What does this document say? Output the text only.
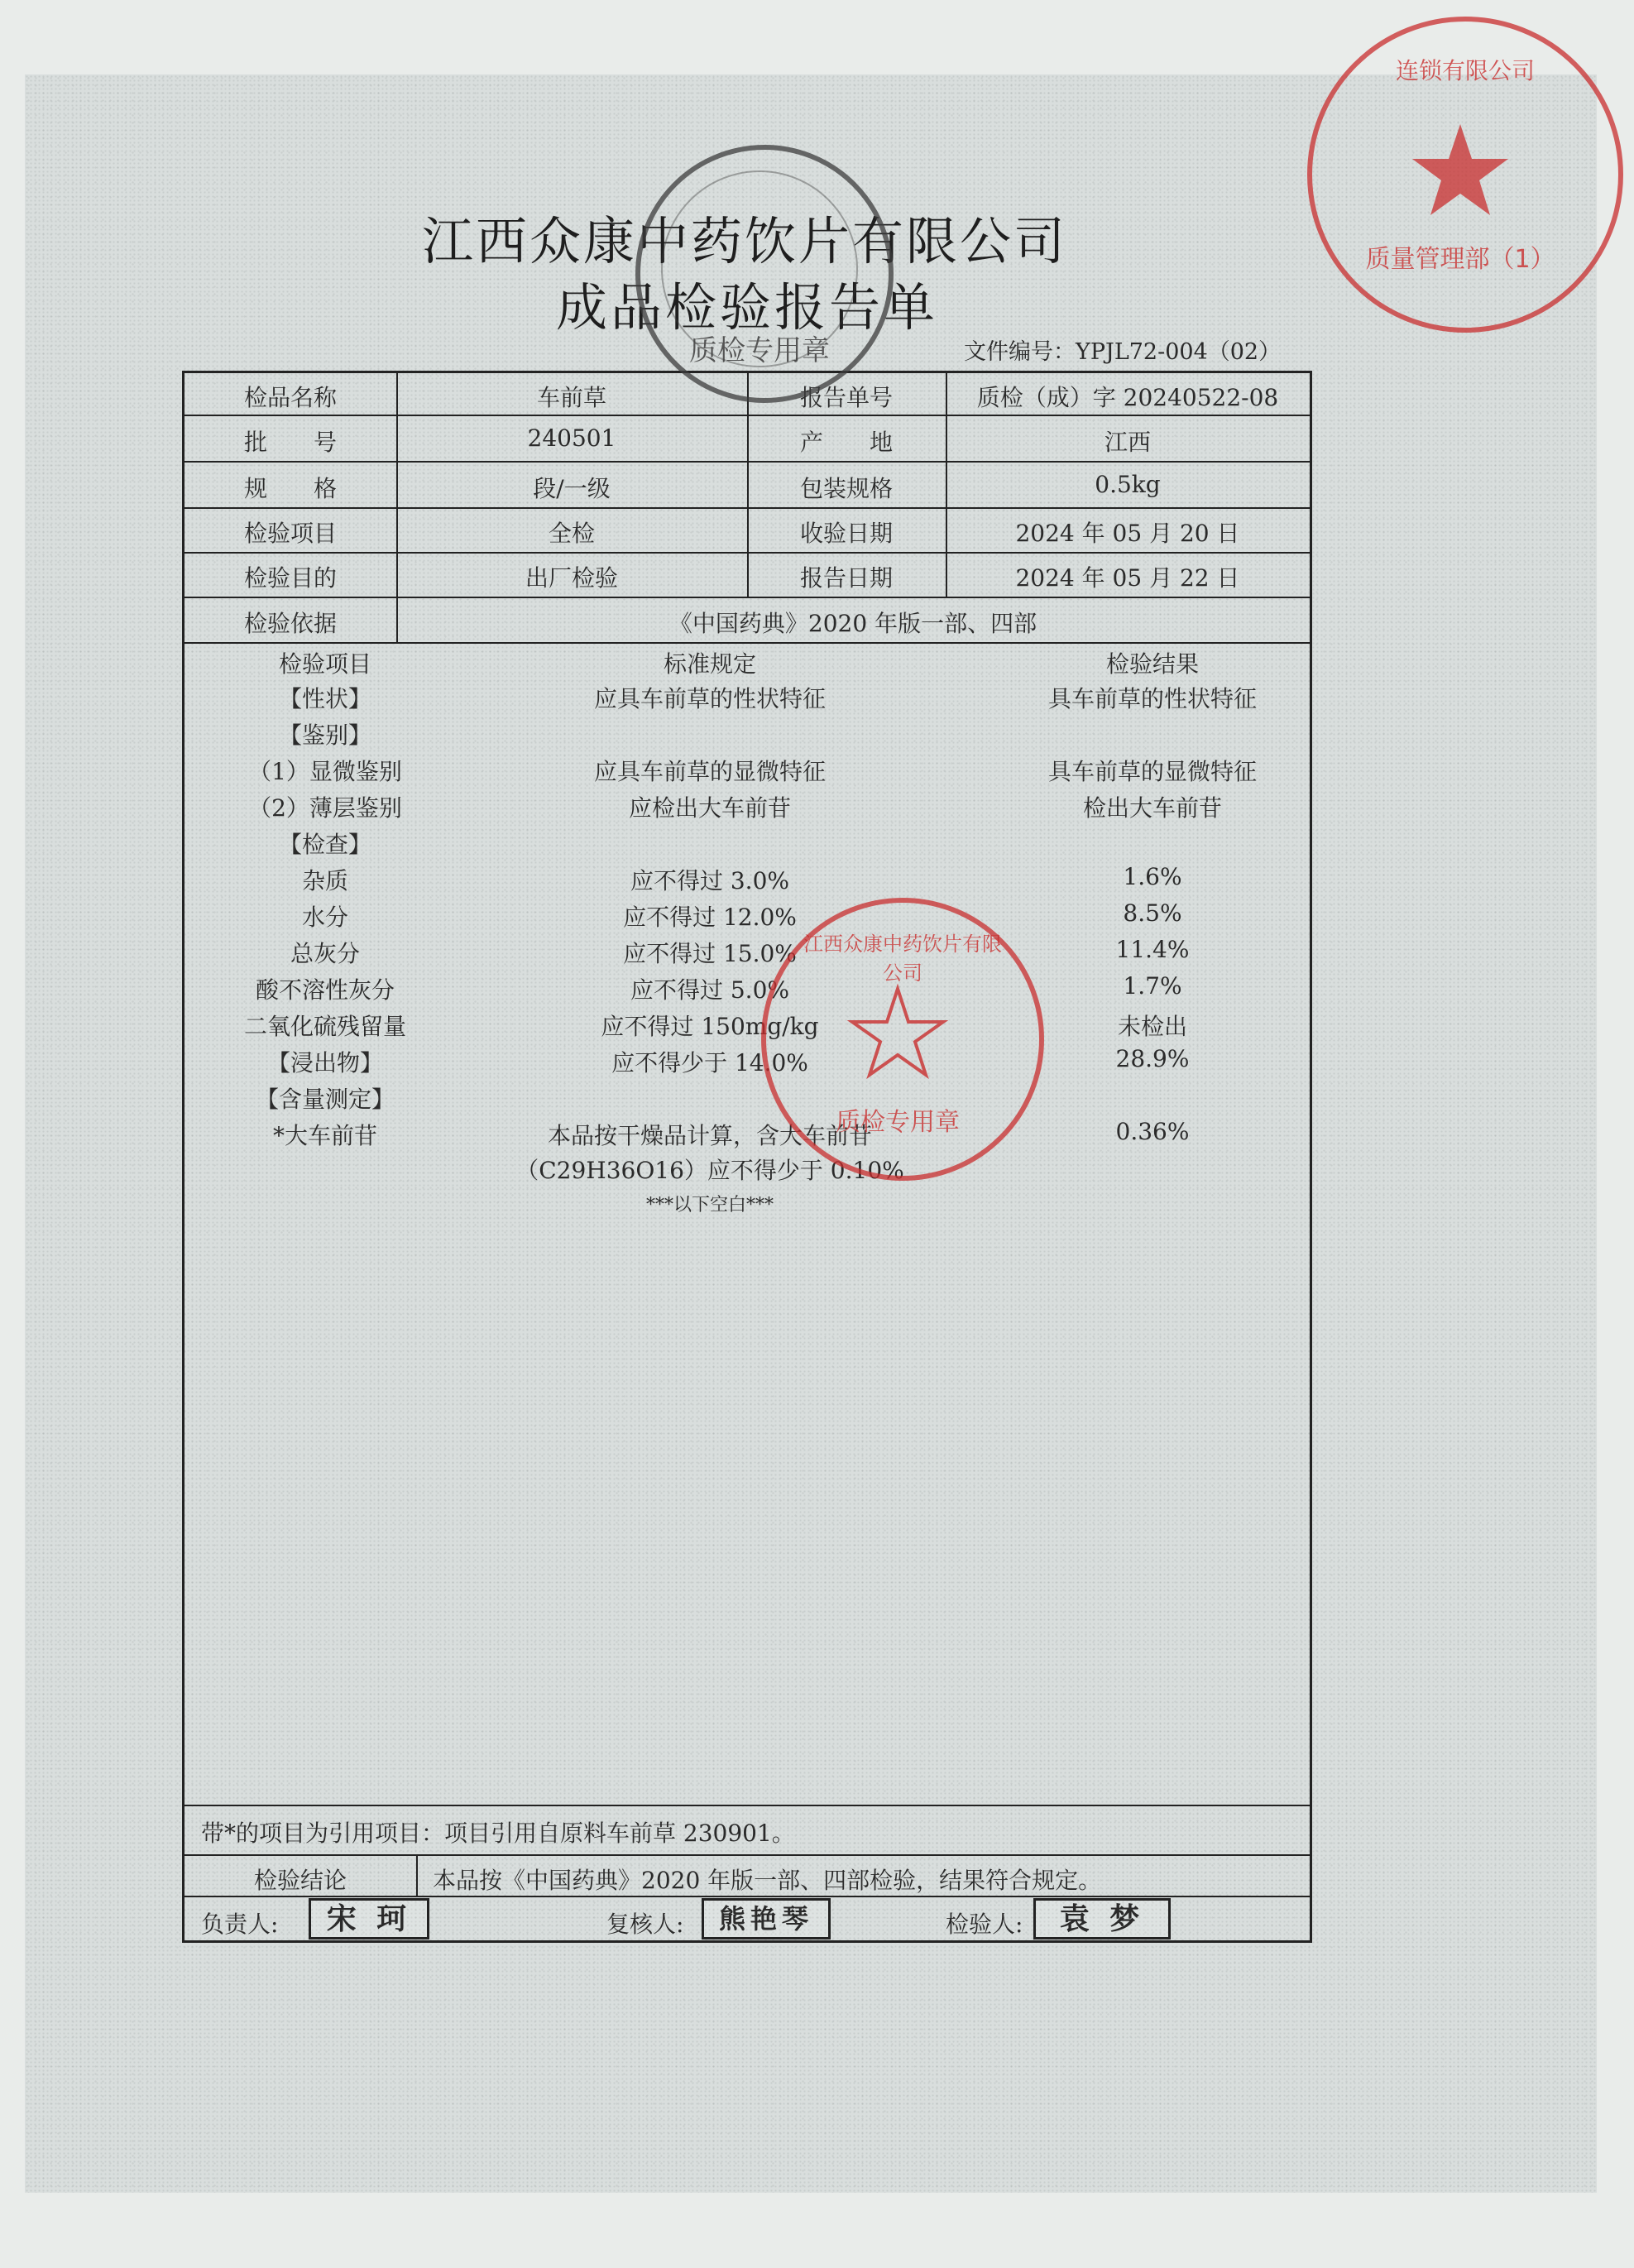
江西众康中药饮片有限公司
成品检验报告单
文件编号：YPJL72-004（02）
检品名称	车前草	报告单号	质检（成）字 20240522-08
批　　号	240501	产　　地	江西
规　　格	段/一级	包装规格	0.5kg
检验项目	全检	收验日期	2024 年 05 月 20 日
检验目的	出厂检验	报告日期	2024 年 05 月 22 日
检验依据	《中国药典》2020 年版一部、四部
检验项目	标准规定	检验结果
【性状】	应具车前草的性状特征	具车前草的性状特征
【鉴别】
（1）显微鉴别	应具车前草的显微特征	具车前草的显微特征
（2）薄层鉴别	应检出大车前苷	检出大车前苷
【检查】
杂质	应不得过 3.0%	1.6%
水分	应不得过 12.0%	8.5%
总灰分	应不得过 15.0%	11.4%
酸不溶性灰分	应不得过 5.0%	1.7%
二氧化硫残留量	应不得过 150mg/kg	未检出
【浸出物】	应不得少于 14.0%	28.9%
【含量测定】
*大车前苷	本品按干燥品计算，含大车前苷	0.36%
（C29H36O16）应不得少于 0.10%
***以下空白***
带*的项目为引用项目：项目引用自原料车前草 230901。
检验结论	本品按《中国药典》2020 年版一部、四部检验，结果符合规定。
负责人:	宋 珂	复核人:	熊艳琴	检验人:	袁 梦
质检专用章
江西众康中药饮片有限公司
质检专用章
连锁有限公司
质量管理部（1）
